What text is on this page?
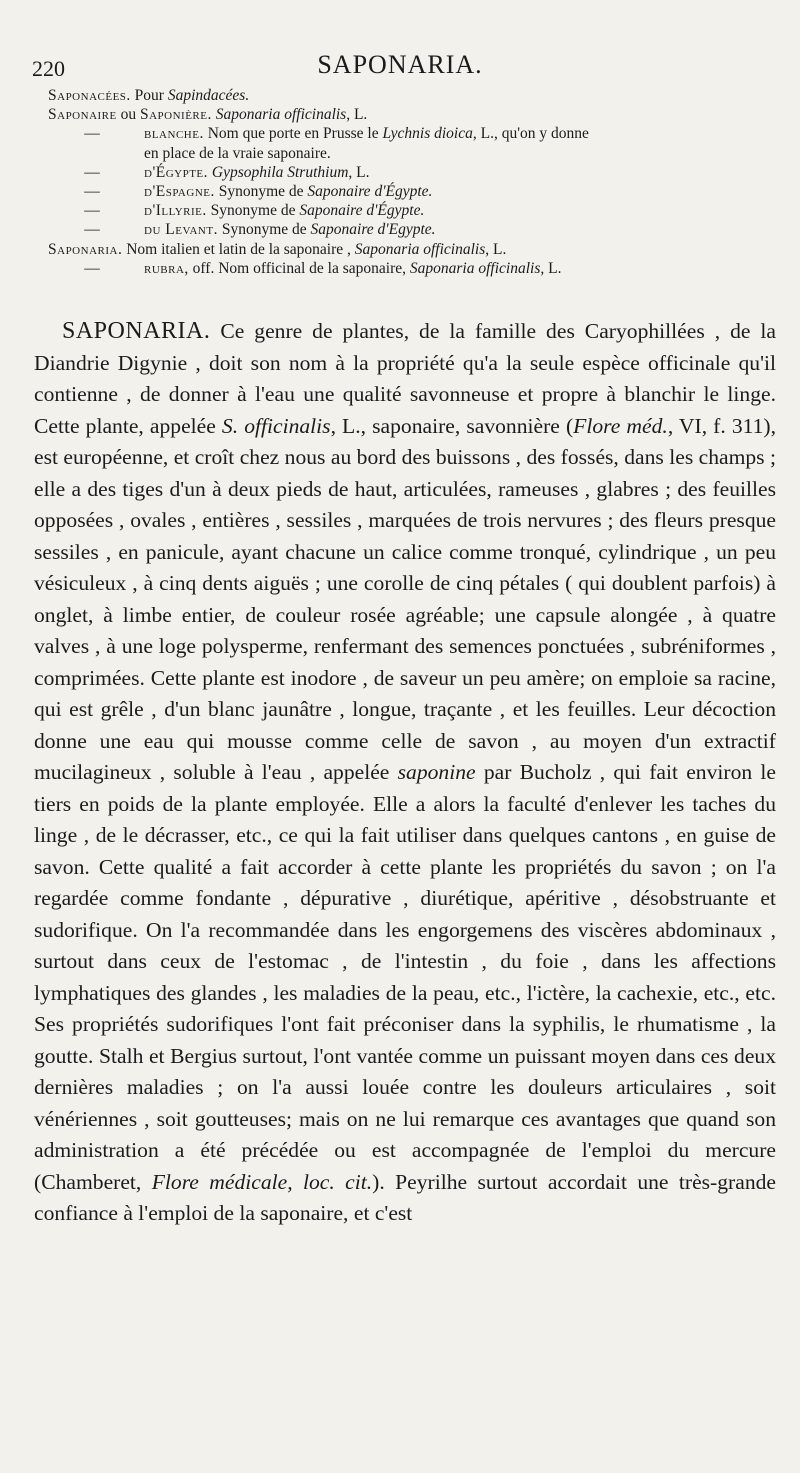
220	SAPONARIA.

Saponacées. Pour Sapindacées.

Saponaire ou Saponière. Saponaria officinalis, L.

—	blanche. Nom que porte en Prusse le Lychnis dioica, L., qu'on y donne

en place de la vraie saponaire.

—	d'Égypte. Gypsophila Struthium, L.

—	d'Espagne. Synonyme de Saponaire d'Égypte.

—	d'Illyrie. Synonyme de Saponaire d'Égypte.

—	du Levant. Synonyme de Saponaire d'Egypte.

Saponaria. Nom italien et latin de la saponaire , Saponaria officinalis, L.

—	rubra, off. Nom officinal de la saponaire, Saponaria officinalis, L.

SAPONARIA. Ce genre de plantes, de la famille des Caryophillées , de la Diandrie Digynie , doit son nom à la propriété qu'a la seule espèce officinale qu'il contienne , de donner à l'eau une qualité savonneuse et propre à blanchir le linge. Cette plante, appelée S. officinalis, L., saponaire, savonnière (Flore méd., VI, f. 311), est européenne, et croît chez nous au bord des buissons , des fossés, dans les champs ; elle a des tiges d'un à deux pieds de haut, articulées, rameuses , glabres ; des feuilles opposées , ovales , entières , sessiles , marquées de trois nervures ; des fleurs presque sessiles , en panicule, ayant chacune un calice comme tronqué, cylindrique , un peu vésiculeux , à cinq dents aiguës ; une corolle de cinq pétales ( qui doublent parfois) à onglet, à limbe entier, de couleur rosée agréable; une capsule alongée , à quatre valves , à une loge polysperme, renfermant des semences ponctuées , subréniformes , comprimées. Cette plante est inodore , de saveur un peu amère; on emploie sa racine, qui est grêle , d'un blanc jaunâtre , longue, traçante , et les feuilles. Leur décoction donne une eau qui mousse comme celle de savon , au moyen d'un extractif mucilagineux , soluble à l'eau , appelée saponine par Bucholz , qui fait environ le tiers en poids de la plante employée. Elle a alors la faculté d'enlever les taches du linge , de le décrasser, etc., ce qui la fait utiliser dans quelques cantons , en guise de savon. Cette qualité a fait accorder à cette plante les propriétés du savon ; on l'a regardée comme fondante , dépurative , diurétique, apéritive , désobstruante et sudorifique. On l'a recommandée dans les engorgemens des viscères abdominaux , surtout dans ceux de l'estomac , de l'intestin , du foie , dans les affections lymphatiques des glandes , les maladies de la peau, etc., l'ictère, la cachexie, etc., etc. Ses propriétés sudorifiques l'ont fait préconiser dans la syphilis, le rhumatisme , la goutte. Stalh et Bergius surtout, l'ont vantée comme un puissant moyen dans ces deux dernières maladies ; on l'a aussi louée contre les douleurs articulaires , soit vénériennes , soit goutteuses; mais on ne lui remarque ces avantages que quand son administration a été précédée ou est accompagnée de l'emploi du mercure (Chamberet, Flore médicale, loc. cit.). Peyrilhe surtout accordait une très-grande confiance à l'emploi de la saponaire, et c'est
